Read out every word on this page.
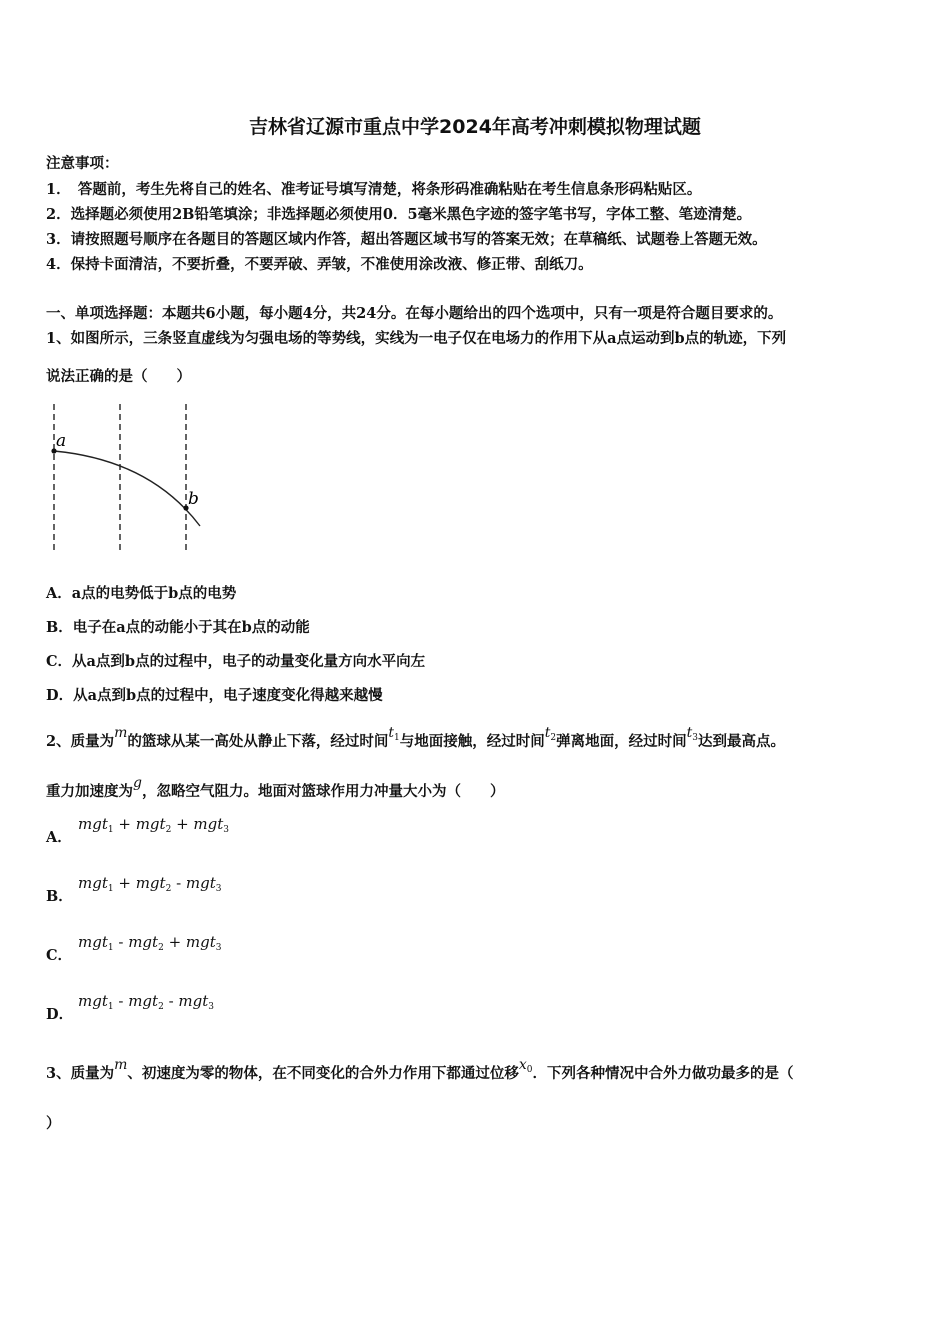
吉林省辽源市重点中学2024年高考冲刺模拟物理试题
注意事项：
1．　答题前，考生先将自己的姓名、准考证号填写清楚，将条形码准确粘贴在考生信息条形码粘贴区。
2．选择题必须使用2B铅笔填涂；非选择题必须使用0．5毫米黑色字迹的签字笔书写，字体工整、笔迹清楚。
3．请按照题号顺序在各题目的答题区域内作答，超出答题区域书写的答案无效；在草稿纸、试题卷上答题无效。
4．保持卡面清洁，不要折叠，不要弄破、弄皱，不准使用涂改液、修正带、刮纸刀。
一、单项选择题：本题共6小题，每小题4分，共24分。在每小题给出的四个选项中，只有一项是符合题目要求的。
1、如图所示，三条竖直虚线为匀强电场的等势线，实线为一电子仅在电场力的作用下从a点运动到b点的轨迹，下列
说法正确的是（　　）
a
b
A．a点的电势低于b点的电势
B．电子在a点的动能小于其在b点的动能
C．从a点到b点的过程中，电子的动量变化量方向水平向左
D．从a点到b点的过程中，电子速度变化得越来越慢
2、质量为m的篮球从某一高处从静止下落，经过时间$t_1$与地面接触，经过时间$t_2$弹离地面，经过时间$t_3$达到最高点。
重力加速度为g，忽略空气阻力。地面对篮球作用力冲量大小为（　　）
A．
mgt$_1$ + mgt$_2$ + mgt$_3$
B．
mgt$_1$ + mgt$_2$ - mgt$_3$
C．
mgt$_1$ - mgt$_2$ + mgt$_3$
D．
mgt$_1$ - mgt$_2$ - mgt$_3$
3、质量为m、初速度为零的物体，在不同变化的合外力作用下都通过位移$x_0$．下列各种情况中合外力做功最多的是（
）
